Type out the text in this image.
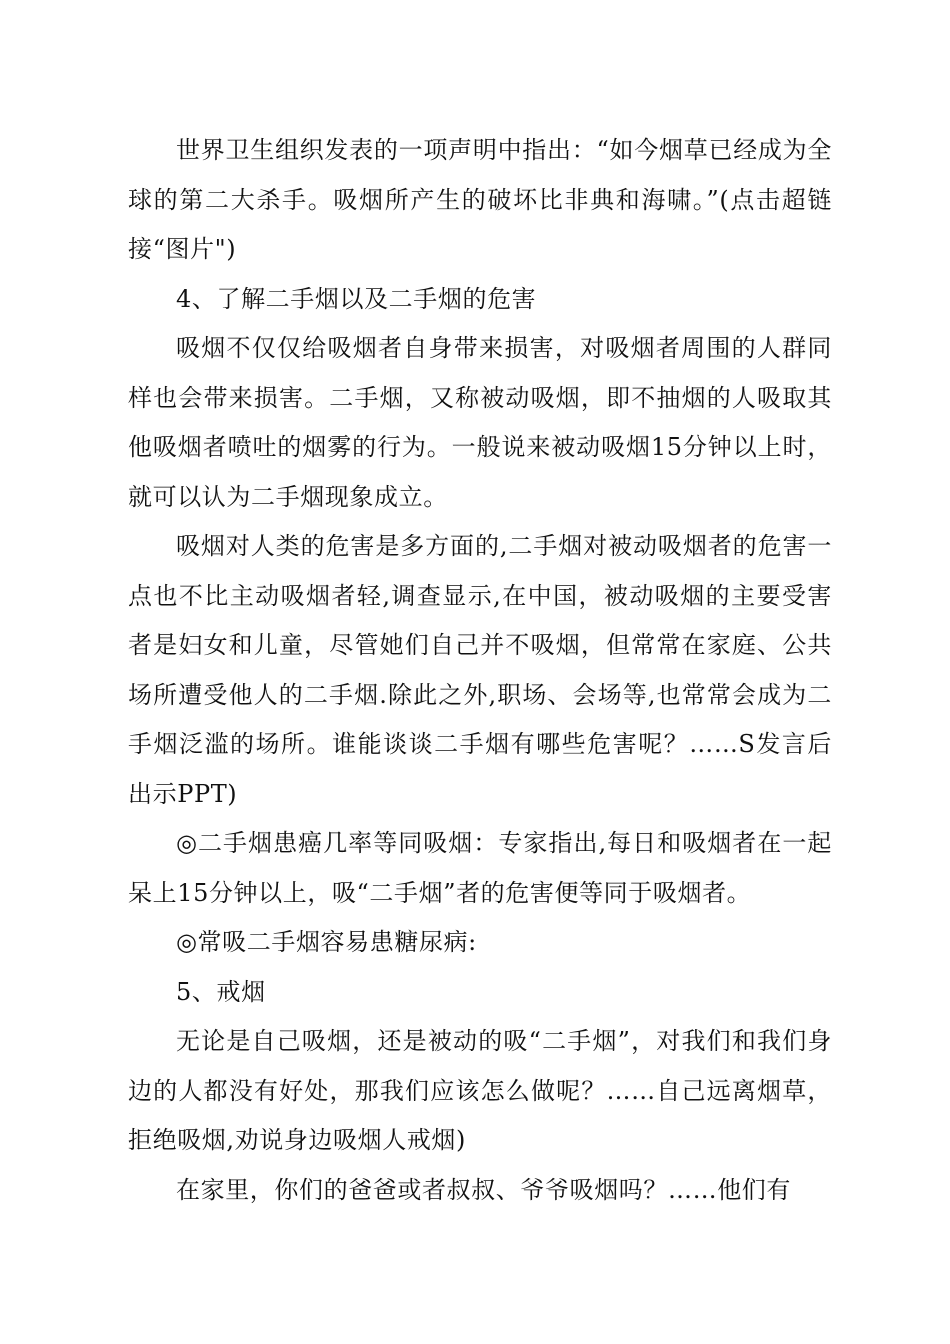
世界卫生组织发表的一项声明中指出：“如今烟草已经成为全球的第二大杀手。吸烟所产生的破坏比非典和海啸。”(点击超链接“图片")

4、了解二手烟以及二手烟的危害

吸烟不仅仅给吸烟者自身带来损害，对吸烟者周围的人群同样也会带来损害。二手烟，又称被动吸烟，即不抽烟的人吸取其他吸烟者喷吐的烟雾的行为。一般说来被动吸烟15分钟以上时，就可以认为二手烟现象成立。

吸烟对人类的危害是多方面的,二手烟对被动吸烟者的危害一点也不比主动吸烟者轻,调查显示,在中国，被动吸烟的主要受害者是妇女和儿童，尽管她们自己并不吸烟，但常常在家庭、公共场所遭受他人的二手烟.除此之外,职场、会场等,也常常会成为二手烟泛滥的场所。谁能谈谈二手烟有哪些危害呢？……S发言后出示PPT)

◎二手烟患癌几率等同吸烟：专家指出,每日和吸烟者在一起呆上15分钟以上，吸“二手烟”者的危害便等同于吸烟者。

◎常吸二手烟容易患糖尿病:

5、戒烟

无论是自己吸烟，还是被动的吸“二手烟”，对我们和我们身边的人都没有好处，那我们应该怎么做呢？……自己远离烟草，拒绝吸烟,劝说身边吸烟人戒烟)

在家里，你们的爸爸或者叔叔、爷爷吸烟吗？……他们有
